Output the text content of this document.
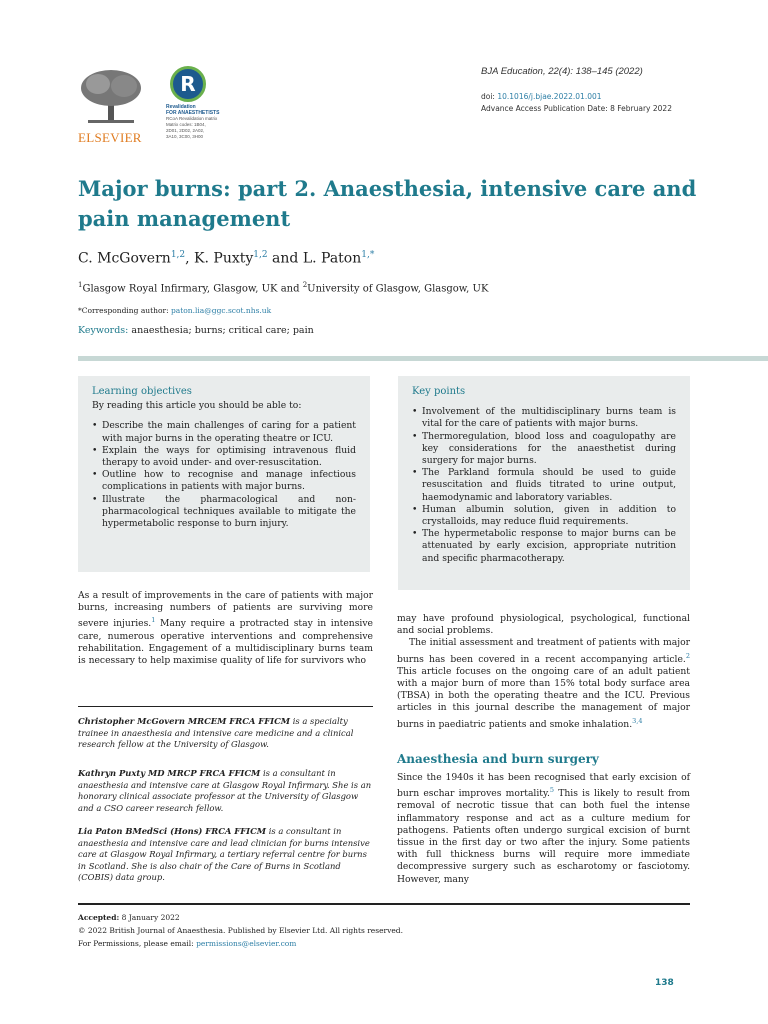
ELSEVIER
R
Revalidation
FOR ANAESTHETISTS
RCoA Revalidation matrix
Matrix codes: 1B04,
2D01, 2D02, 2A02,
3A10, 3C00, 3H00
BJA Education, 22(4): 138–145 (2022)
doi: 10.1016/j.bjae.2022.01.001
Advance Access Publication Date: 8 February 2022
Major burns: part 2. Anaesthesia, intensive care and pain management
C. McGovern$^{1,2}$, K. Puxty$^{1,2}$ and L. Paton$^{1,*}$
$^1$Glasgow Royal Infirmary, Glasgow, UK and $^2$University of Glasgow, Glasgow, UK
*Corresponding author: paton.lia@ggc.scot.nhs.uk
Keywords: anaesthesia; burns; critical care; pain
Learning objectives

By reading this article you should be able to:

• Describe the main challenges of caring for a patient with major burns in the operating theatre or ICU.
• Explain the ways for optimising intravenous fluid therapy to avoid under- and over-resuscitation.
• Outline how to recognise and manage infectious complications in patients with major burns.
• Illustrate the pharmacological and non-pharmacological techniques available to mitigate the hypermetabolic response to burn injury.
Key points
• Involvement of the multidisciplinary burns team is vital for the care of patients with major burns.
• Thermoregulation, blood loss and coagulopathy are key considerations for the anaesthetist during surgery for major burns.
• The Parkland formula should be used to guide resuscitation and fluids titrated to urine output, haemodynamic and laboratory variables.
• Human albumin solution, given in addition to crystalloids, may reduce fluid requirements.
• The hypermetabolic response to major burns can be attenuated by early excision, appropriate nutrition and specific pharmacotherapy.
As a result of improvements in the care of patients with major burns, increasing numbers of patients are surviving more severe injuries.$^1$ Many require a protracted stay in intensive care, numerous operative interventions and comprehensive rehabilitation. Engagement of a multidisciplinary burns team is necessary to help maximise quality of life for survivors who

Christopher McGovern MRCEM FRCA FFICM is a specialty trainee in anaesthesia and intensive care medicine and a clinical research fellow at the University of Glasgow.

Kathryn Puxty MD MRCP FRCA FFICM is a consultant in anaesthesia and intensive care at Glasgow Royal Infirmary. She is an honorary clinical associate professor at the University of Glasgow and a CSO career research fellow.

Lia Paton BMedSci (Hons) FRCA FFICM is a consultant in anaesthesia and intensive care and lead clinician for burns intensive care at Glasgow Royal Infirmary, a tertiary referral centre for burns in Scotland. She is also chair of the Care of Burns in Scotland (COBIS) data group.

may have profound physiological, psychological, functional and social problems.

The initial assessment and treatment of patients with major burns has been covered in a recent accompanying article.$^2$ This article focuses on the ongoing care of an adult patient with a major burn of more than 15% total body surface area (TBSA) in both the operating theatre and the ICU. Previous articles in this journal describe the management of major burns in paediatric patients and smoke inhalation.$^{3,4}$

Anaesthesia and burn surgery
Since the 1940s it has been recognised that early excision of burn eschar improves mortality.$^5$ This is likely to result from removal of necrotic tissue that can both fuel the intense inflammatory response and act as a culture medium for pathogens. Patients often undergo surgical excision of burnt tissue in the first day or two after the injury. Some patients with full thickness burns will require more immediate decompressive surgery such as escharotomy or fasciotomy. However, many
Accepted: 8 January 2022
© 2022 British Journal of Anaesthesia. Published by Elsevier Ltd. All rights reserved.
For Permissions, please email: permissions@elsevier.com
138
